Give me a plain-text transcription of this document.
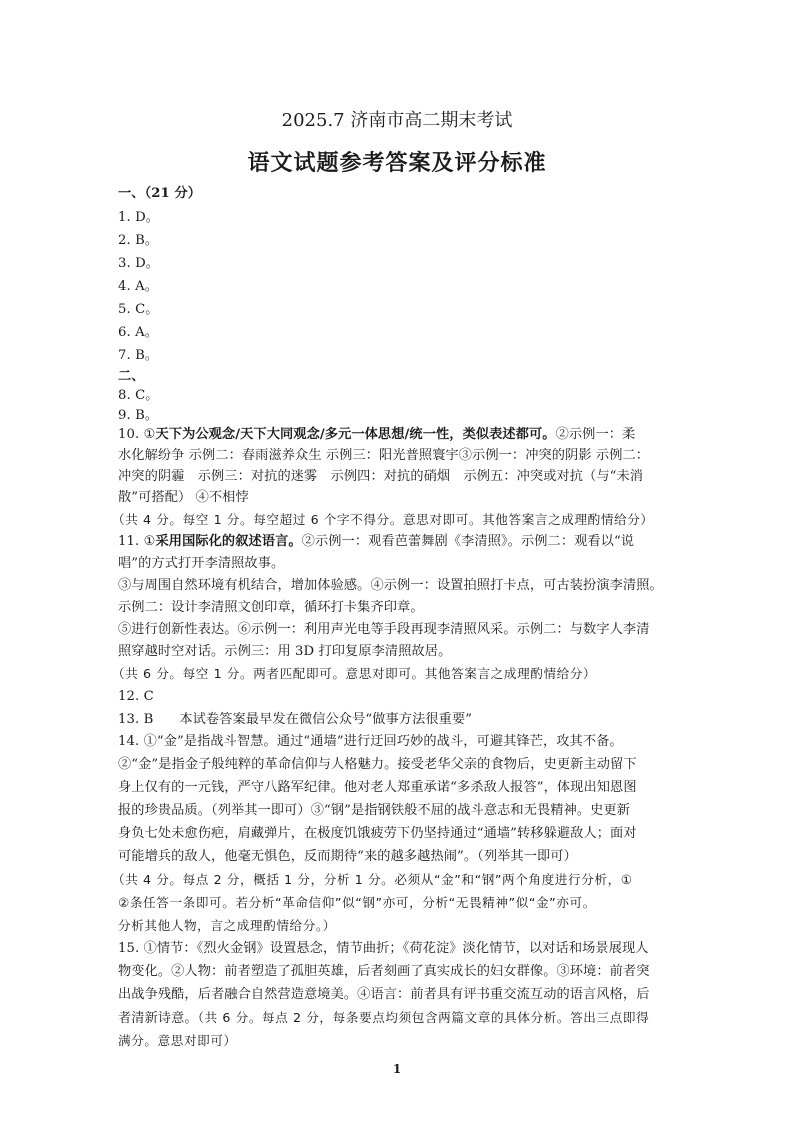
2025.7 济南市高二期末考试
语文试题参考答案及评分标准
一、（21 分）
1. D。
2. B。
3. D。
4. A。
5. C。
6. A。
7. B。
二、
8. C。
9. B。
10. ①天下为公观念/天下大同观念/多元一体思想/统一性，类似表述都可。②示例一：柔
水化解纷争 示例二：春雨滋养众生 示例三：阳光普照寰宇③示例一：冲突的阴影 示例二：
冲突的阴霾　示例三：对抗的迷雾　示例四：对抗的硝烟　示例五：冲突或对抗（与“未消
散”可搭配） ④不相悖
（共 4 分。每空 1 分。每空超过 6 个字不得分。意思对即可。其他答案言之成理酌情给分）
11. ①采用国际化的叙述语言。②示例一：观看芭蕾舞剧《李清照》。示例二：观看以“说
唱”的方式打开李清照故事。
③与周围自然环境有机结合，增加体验感。④示例一：设置拍照打卡点，可古装扮演李清照。
示例二：设计李清照文创印章，循环打卡集齐印章。
⑤进行创新性表达。⑥示例一：利用声光电等手段再现李清照风采。示例二：与数字人李清
照穿越时空对话。示例三：用 3D 打印复原李清照故居。
（共 6 分。每空 1 分。两者匹配即可。意思对即可。其他答案言之成理酌情给分）
12. C
13. B 本试卷答案最早发在微信公众号“做事方法很重要”
14. ①“金”是指战斗智慧。通过“通墙”进行迂回巧妙的战斗，可避其锋芒，攻其不备。
②“金”是指金子般纯粹的革命信仰与人格魅力。接受老华父亲的食物后，史更新主动留下
身上仅有的一元钱，严守八路军纪律。他对老人郑重承诺“多杀敌人报答”，体现出知恩图
报的珍贵品质。（列举其一即可）③“钢”是指钢铁般不屈的战斗意志和无畏精神。史更新
身负七处未愈伤疤，肩藏弹片，在极度饥饿疲劳下仍坚持通过“通墙”转移躲避敌人；面对
可能增兵的敌人，他毫无惧色，反而期待“来的越多越热闹”。（列举其一即可）
（共 4 分。每点 2 分，概括 1 分，分析 1 分。必须从“金”和“钢”两个角度进行分析，①
②条任答一条即可。若分析“革命信仰”似“钢”亦可，分析“无畏精神”似“金”亦可。
分析其他人物，言之成理酌情给分。）
15. ①情节：《烈火金钢》设置悬念，情节曲折；《荷花淀》淡化情节，以对话和场景展现人
物变化。②人物：前者塑造了孤胆英雄，后者刻画了真实成长的妇女群像。③环境：前者突
出战争残酷，后者融合自然营造意境美。④语言：前者具有评书重交流互动的语言风格，后
者清新诗意。（共 6 分。每点 2 分，每条要点均须包含两篇文章的具体分析。答出三点即得
满分。意思对即可）
1
